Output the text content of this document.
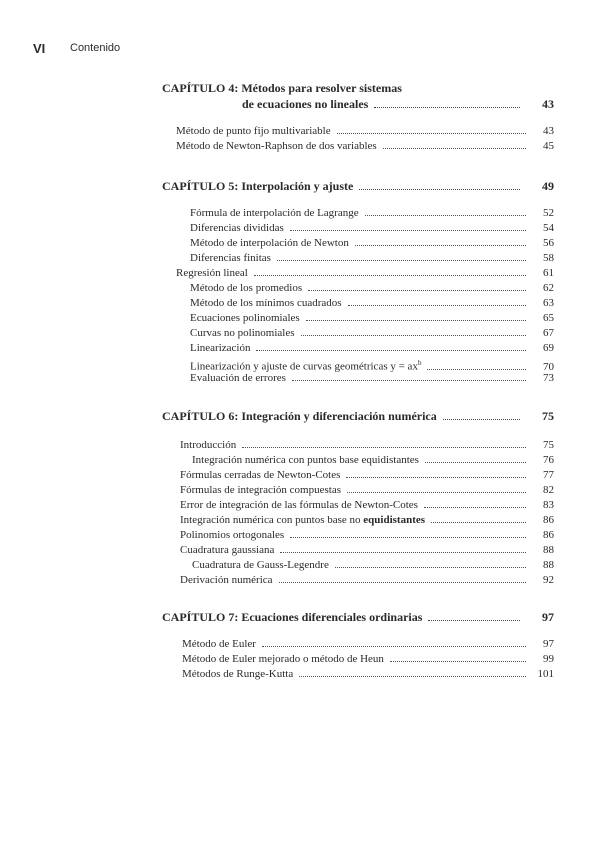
VI Contenido
CAPÍTULO 4: Métodos para resolver sistemas
de ecuaciones no lineales	43
Método de punto fijo multivariable	43
Método de Newton-Raphson de dos variables	45
CAPÍTULO 5: Interpolación y ajuste	49
Fórmula de interpolación de Lagrange	52
Diferencias divididas	54
Método de interpolación de Newton	56
Diferencias finitas	58
Regresión lineal	61
Método de los promedios	62
Método de los mínimos cuadrados	63
Ecuaciones polinomiales	65
Curvas no polinomiales	67
Linearización	69
Linearización y ajuste de curvas geométricas $y = ax^b$	70
Evaluación de errores	73
CAPÍTULO 6: Integración y diferenciación numérica	75
Introducción	75
Integración numérica con puntos base equidistantes	76
Fórmulas cerradas de Newton-Cotes	77
Fórmulas de integración compuestas	82
Error de integración de las fórmulas de Newton-Cotes	83
Integración numérica con puntos base no equidistantes	86
Polinomios ortogonales	86
Cuadratura gaussiana	88
Cuadratura de Gauss-Legendre	88
Derivación numérica	92
CAPÍTULO 7: Ecuaciones diferenciales ordinarias	97
Método de Euler	97
Método de Euler mejorado o método de Heun	99
Métodos de Runge-Kutta	101
